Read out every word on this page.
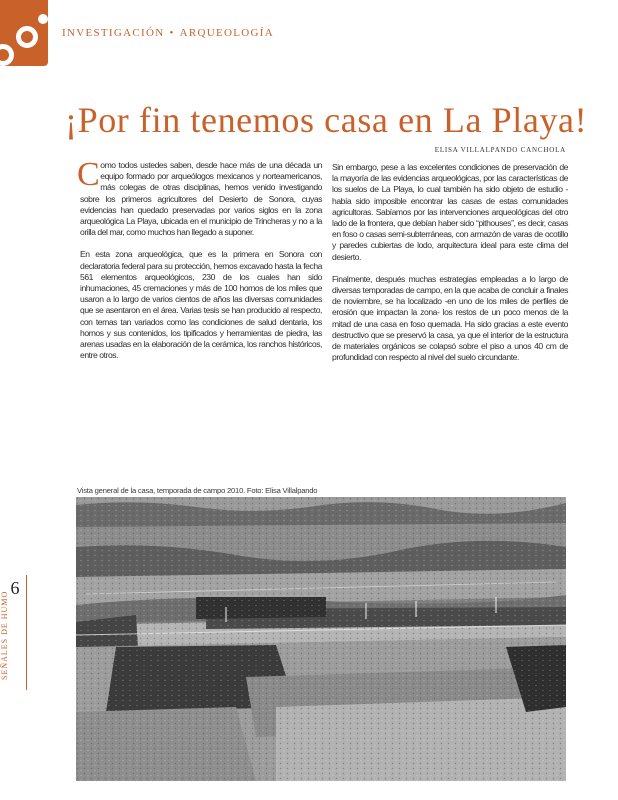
INVESTIGACIÓN • ARQUEOLOGÍA
¡Por fin tenemos casa en La Playa!
ELISA VILLALPANDO CANCHOLA

Como todos ustedes saben, desde hace más de una década un equipo formado por arqueólogos mexicanos y norteamericanos, más colegas de otras disciplinas, hemos venido investigando sobre los primeros agricultores del Desierto de Sonora, cuyas evidencias han quedado preservadas por varios siglos en la zona arqueológica La Playa, ubicada en el municipio de Trincheras y no a la orilla del mar, como muchos han llegado a suponer.

En esta zona arqueológica, que es la primera en Sonora con declaratoria federal para su protección, hemos excavado hasta la fecha 561 elementos arqueológicos, 230 de los cuales han sido inhumaciones, 45 cremaciones y más de 100 hornos de los miles que usaron a lo largo de varios cientos de años las diversas comunidades que se asentaron en el área. Varias tesis se han producido al respecto, con temas tan variados como las condiciones de salud dentaria, los hornos y sus contenidos, los tipificados y herramientas de piedra, las arenas usadas en la elaboración de la cerámica, los ranchos históricos, entre otros.

Sin embargo, pese a las excelentes condiciones de preservación de la mayoría de las evidencias arqueológicas, por las características de los suelos de La Playa, lo cual también ha sido objeto de estudio - había sido imposible encontrar las casas de estas comunidades agricultoras. Sabíamos por las intervenciones arqueológicas del otro lado de la frontera, que debían haber sido “pithouses”, es decir, casas en foso o casas semi-subterráneas, con armazón de varas de ocotillo y paredes cubiertas de lodo, arquitectura ideal para este clima del desierto.

Finalmente, después muchas estrategias empleadas a lo largo de diversas temporadas de campo, en la que acaba de concluir a finales de noviembre, se ha localizado -en uno de los miles de perfiles de erosión que impactan la zona- los restos de un poco menos de la mitad de una casa en foso quemada. Ha sido gracias a este evento destructivo que se preservó la casa, ya que el interior de la estructura de materiales orgánicos se colapsó sobre el piso a unos 40 cm de profundidad con respecto al nivel del suelo circundante.

Vista general de la casa, temporada de campo 2010. Foto: Elisa Villalpando
6
SEÑALES DE HUMO
